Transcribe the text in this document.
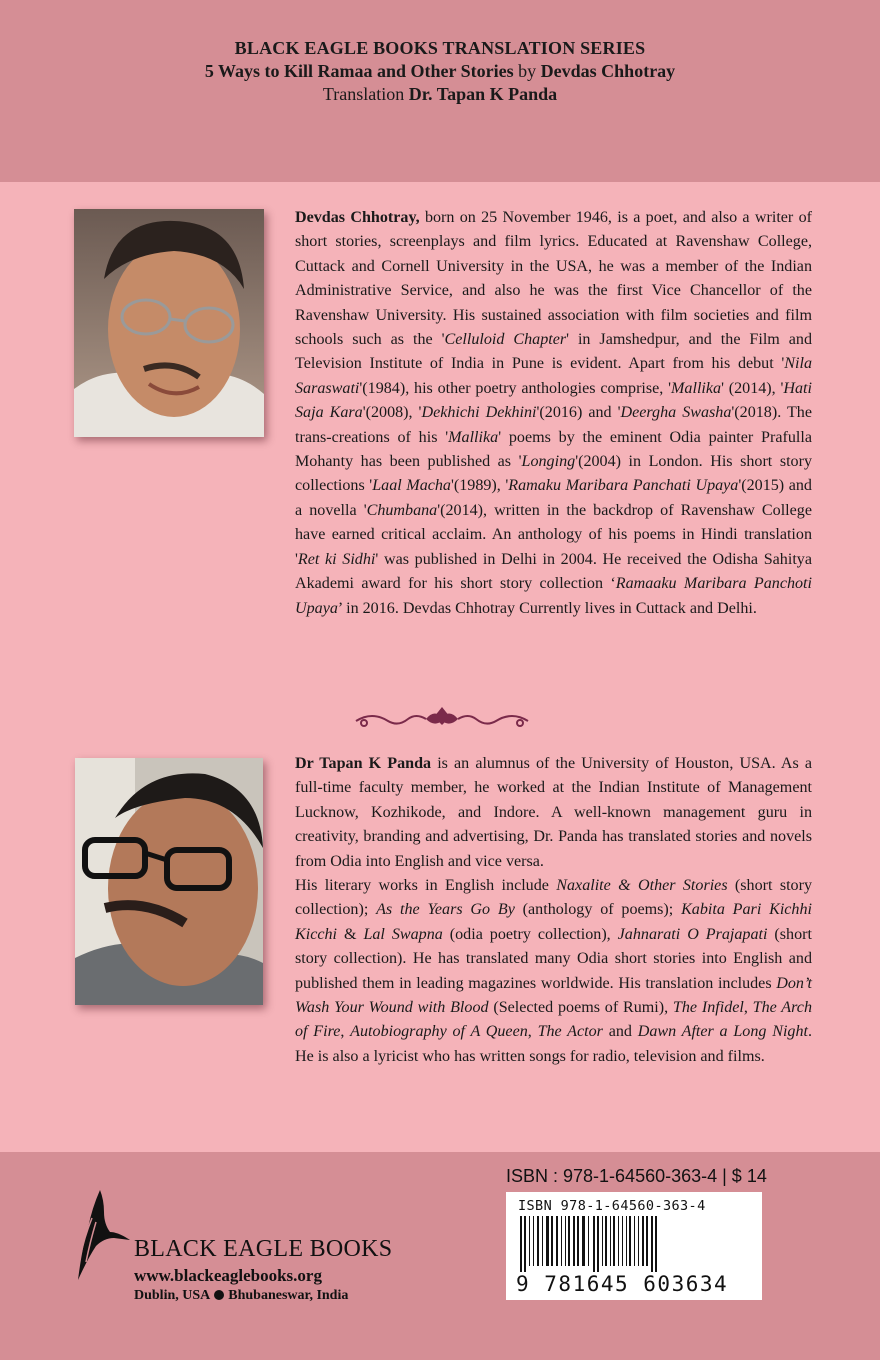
BLACK EAGLE BOOKS TRANSLATION SERIES
5 Ways to Kill Ramaa and Other Stories by Devdas Chhotray
Translation Dr. Tapan K Panda

Devdas Chhotray, born on 25 November 1946, is a poet, and also a writer of short stories, screenplays and film lyrics. Educated at Ravenshaw College, Cuttack and Cornell University in the USA, he was a member of the Indian Administrative Service, and also he was the first Vice Chancellor of the Ravenshaw University. His sustained association with film societies and film schools such as the 'Celluloid Chapter' in Jamshedpur, and the Film and Television Institute of India in Pune is evident. Apart from his debut 'Nila Saraswati'(1984), his other poetry anthologies comprise, 'Mallika' (2014), 'Hati Saja Kara'(2008), 'Dekhichi Dekhini'(2016) and 'Deergha Swasha'(2018). The trans-creations of his 'Mallika' poems by the eminent Odia painter Prafulla Mohanty has been published as 'Longing'(2004) in London. His short story collections 'Laal Macha'(1989), 'Ramaku Maribara Panchati Upaya'(2015) and a novella 'Chumbana'(2014), written in the backdrop of Ravenshaw College have earned critical acclaim. An anthology of his poems in Hindi translation 'Ret ki Sidhi' was published in Delhi in 2004. He received the Odisha Sahitya Akademi award for his short story collection ‘Ramaaku Maribara Panchoti Upaya’ in 2016. Devdas Chhotray Currently lives in Cuttack and Delhi.

Dr Tapan K Panda is an alumnus of the University of Houston, USA. As a full-time faculty member, he worked at the Indian Institute of Management Lucknow, Kozhikode, and Indore. A well-known management guru in creativity, branding and advertising, Dr. Panda has translated stories and novels from Odia into English and vice versa.

His literary works in English include Naxalite & Other Stories (short story collection); As the Years Go By (anthology of poems); Kabita Pari Kichhi Kicchi & Lal Swapna (odia poetry collection), Jahnarati O Prajapati (short story collection). He has translated many Odia short stories into English and published them in leading magazines worldwide. His translation includes Don’t Wash Your Wound with Blood (Selected poems of Rumi), The Infidel, The Arch of Fire, Autobiography of A Queen, The Actor and Dawn After a Long Night. He is also a lyricist who has written songs for radio, television and films.

BLACK EAGLE BOOKS
www.blackeaglebooks.org
Dublin, USA Bhubaneswar, India
ISBN : 978-1-64560-363-4 | $ 14
ISBN 978-1-64560-363-4
9 781645 603634
